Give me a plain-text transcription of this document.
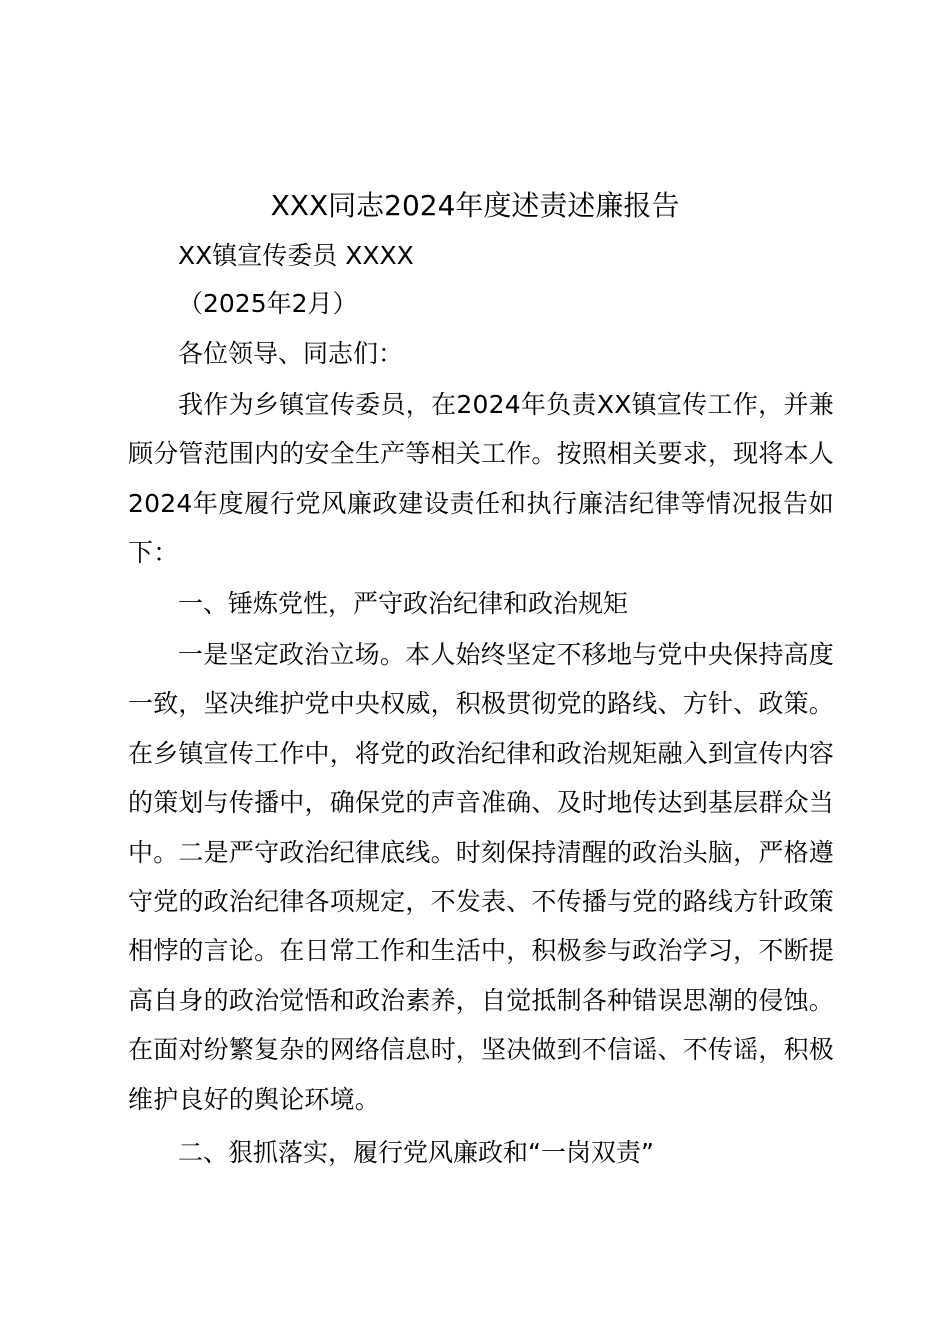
XXX同志2024年度述责述廉报告
XX镇宣传委员 XXXX
（2025年2月）
各位领导、同志们：
我作为乡镇宣传委员，在2024年负责XX镇宣传工作，并兼顾分管范围内的安全生产等相关工作。按照相关要求，现将本人2024年度履行党风廉政建设责任和执行廉洁纪律等情况报告如下：
一、锤炼党性，严守政治纪律和政治规矩
一是坚定政治立场。本人始终坚定不移地与党中央保持高度一致，坚决维护党中央权威，积极贯彻党的路线、方针、政策。在乡镇宣传工作中，将党的政治纪律和政治规矩融入到宣传内容的策划与传播中，确保党的声音准确、及时地传达到基层群众当中。二是严守政治纪律底线。时刻保持清醒的政治头脑，严格遵守党的政治纪律各项规定，不发表、不传播与党的路线方针政策相悖的言论。在日常工作和生活中，积极参与政治学习，不断提高自身的政治觉悟和政治素养，自觉抵制各种错误思潮的侵蚀。在面对纷繁复杂的网络信息时，坚决做到不信谣、不传谣，积极维护良好的舆论环境。
二、狠抓落实，履行党风廉政和“一岗双责”
